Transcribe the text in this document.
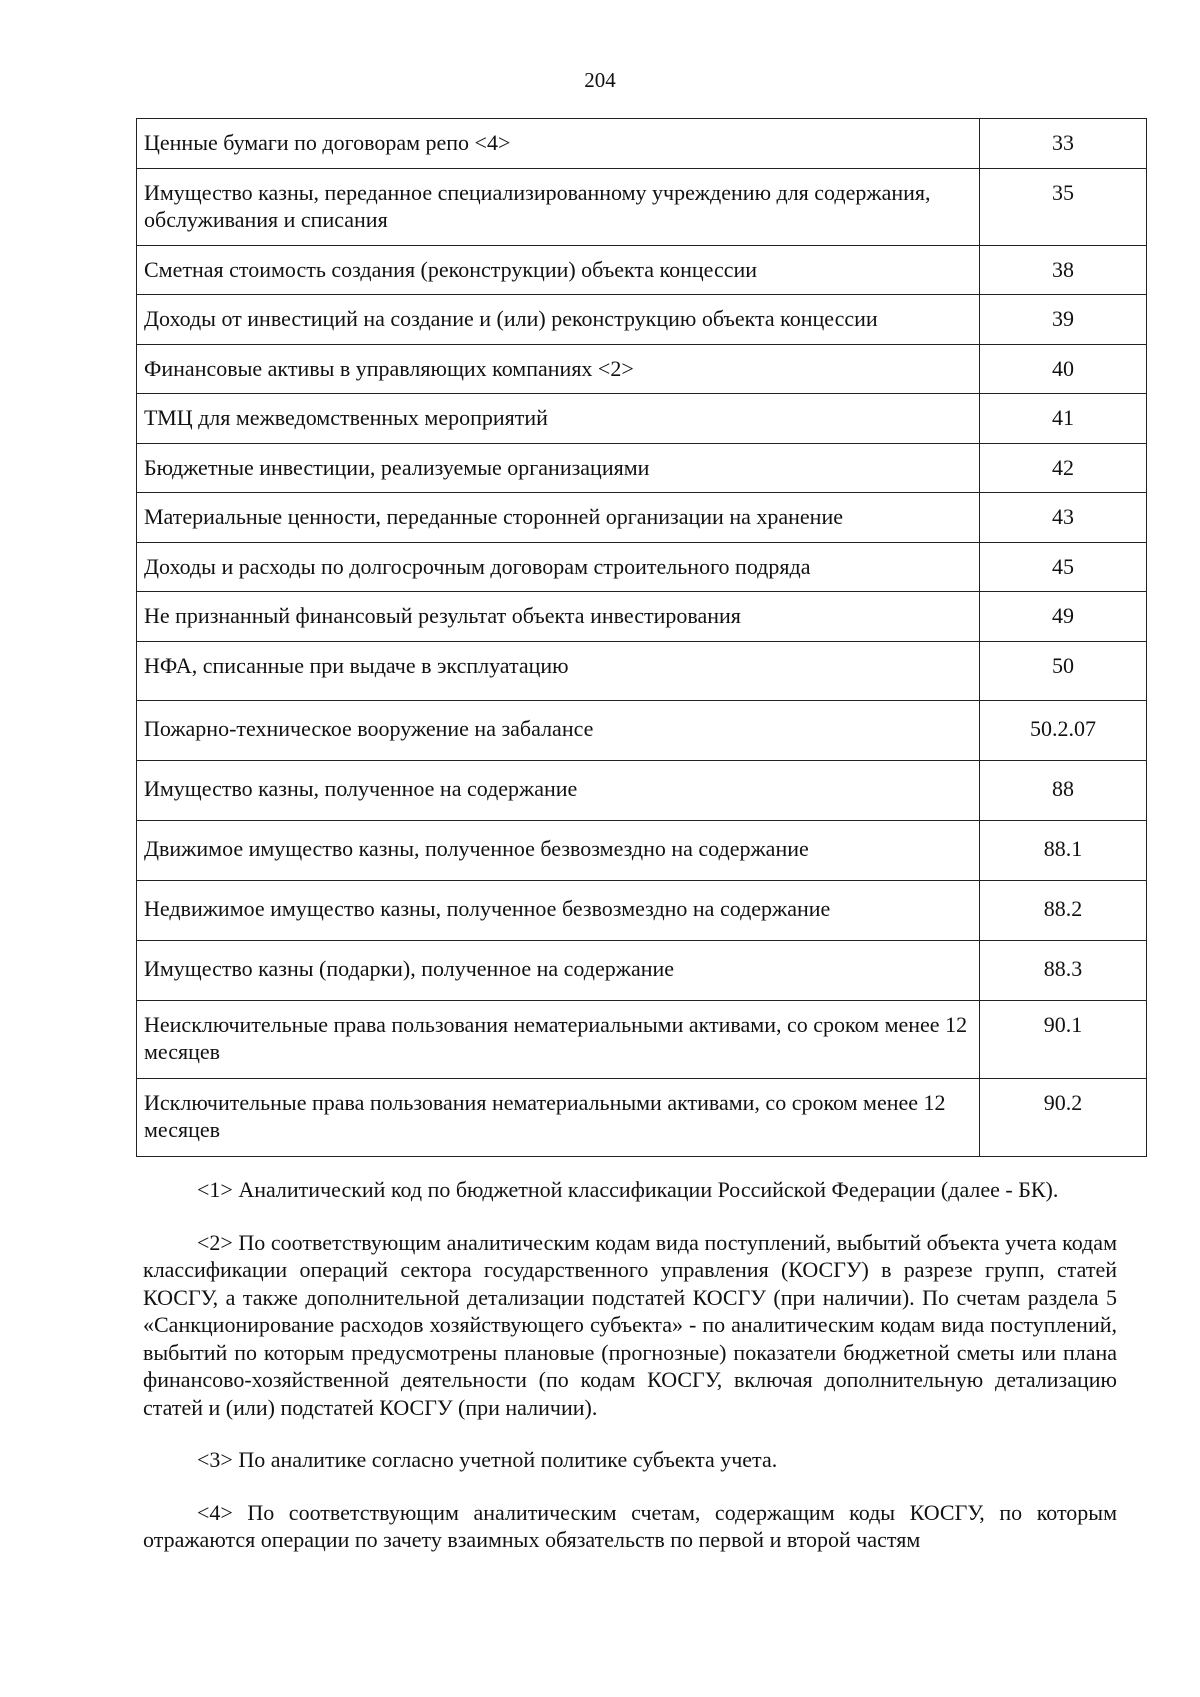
204
Ценные бумаги по договорам репо <4>	33
Имущество казны, переданное специализированному учреждению для содержания, обслуживания и списания	35
Сметная стоимость создания (реконструкции) объекта концессии	38
Доходы от инвестиций на создание и (или) реконструкцию объекта концессии	39
Финансовые активы в управляющих компаниях <2>	40
ТМЦ для межведомственных мероприятий	41
Бюджетные инвестиции, реализуемые организациями	42
Материальные ценности, переданные сторонней организации на хранение	43
Доходы и расходы по долгосрочным договорам строительного подряда	45
Не признанный финансовый результат объекта инвестирования	49
НФА, списанные при выдаче в эксплуатацию	50
Пожарно-техническое вооружение на забалансе	50.2.07
Имущество казны, полученное на содержание	88
Движимое имущество казны, полученное безвозмездно на содержание	88.1
Недвижимое имущество казны, полученное безвозмездно на содержание	88.2
Имущество казны (подарки), полученное на содержание	88.3
Неисключительные права пользования нематериальными активами, со сроком менее 12 месяцев	90.1
Исключительные права пользования нематериальными активами, со сроком менее 12 месяцев	90.2

<1> Аналитический код по бюджетной классификации Российской Федерации (далее - БК).

<2> По соответствующим аналитическим кодам вида поступлений, выбытий объекта учета кодам классификации операций сектора государственного управления (КОСГУ) в разрезе групп, статей КОСГУ, а также дополнительной детализации подстатей КОСГУ (при наличии). По счетам раздела 5 «Санкционирование расходов хозяйствующего субъекта» - по аналитическим кодам вида поступлений, выбытий по которым предусмотрены плановые (прогнозные) показатели бюджетной сметы или плана финансово-хозяйственной деятельности (по кодам КОСГУ, включая дополнительную детализацию статей и (или) подстатей КОСГУ (при наличии).

<3> По аналитике согласно учетной политике субъекта учета.

<4> По соответствующим аналитическим счетам, содержащим коды КОСГУ, по которым отражаются операции по зачету взаимных обязательств по первой и второй частям
